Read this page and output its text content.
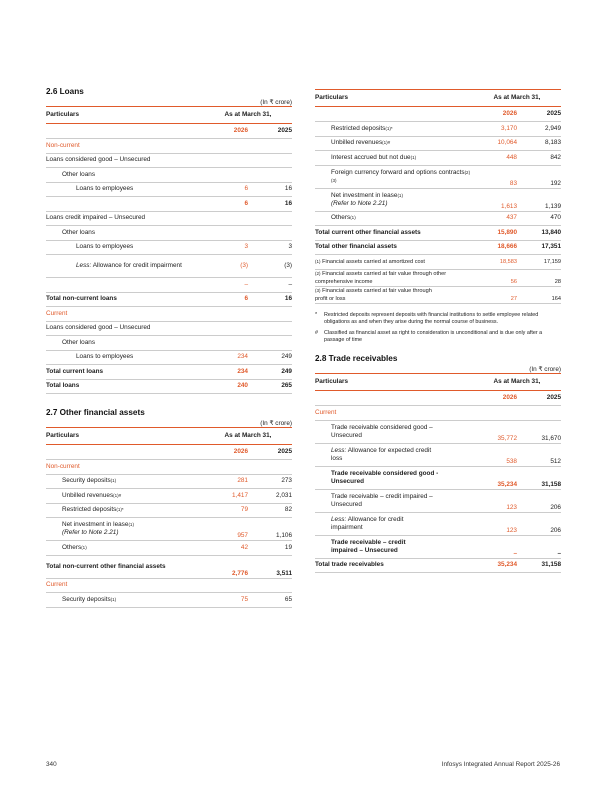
2.6 Loans
(In ₹ crore)
Particulars	As at March 31,	
	2026	2025
Non-current		
Loans considered good – Unsecured		
Other loans		
Loans to employees	6	16
	6	16
Loans credit impaired – Unsecured		
Other loans		
Loans to employees	3	3
Less: Allowance for credit impairment	(3)	(3)
	–	–
Total non-current loans	6	16
Current		
Loans considered good – Unsecured		
Other loans		
Loans to employees	234	249
Total current loans	234	249
Total loans	240	265
2.7 Other financial assets
(In ₹ crore)
Particulars	As at March 31,	
	2026	2025
Non-current		
Security deposits$^{(1)}$	281	273
Unbilled revenues$^{(1)\#}$	1,417	2,031
Restricted deposits$^{(1)*}$	79	82
Net investment in lease$^{(1)}$
(Refer to Note 2.21)	957	1,106
Others$^{(1)}$	42	19
Total non-current other financial assets	2,776	3,511
Current		
Security deposits$^{(1)}$	75	65
Particulars	As at March 31,	
	2026	2025
Restricted deposits$^{(1)*}$	3,170	2,949
Unbilled revenues$^{(1)\#}$	10,064	8,183
Interest accrued but not due$^{(1)}$	448	842
Foreign currency forward and options contracts$^{(2)(3)}$	83	192
Net investment in lease$^{(1)}$
(Refer to Note 2.21)	1,613	1,139
Others$^{(1)}$	437	470
Total current other financial assets	15,890	13,840
Total other financial assets	18,666	17,351
$^{(1)}$ Financial assets carried at amortized cost	18,583	17,159
$^{(2)}$ Financial assets carried at fair value through other comprehensive income	56	28
$^{(3)}$ Financial assets carried at fair value through profit or loss	27	164
* Restricted deposits represent deposits with financial institutions to settle employee related obligations as and when they arise during the normal course of business.
# Classified as financial asset as right to consideration is unconditional and is due only after a passage of time
2.8 Trade receivables
(In ₹ crore)
Particulars	As at March 31,	
	2026	2025
Current		
Trade receivable considered good – Unsecured	35,772	31,670
Less: Allowance for expected credit loss	538	512
Trade receivable considered good - Unsecured	35,234	31,158
Trade receivable – credit impaired – Unsecured	123	206
Less: Allowance for credit impairment	123	206
Trade receivable – credit impaired – Unsecured	–	–
Total trade receivables	35,234	31,158
340	Infosys Integrated Annual Report 2025-26
